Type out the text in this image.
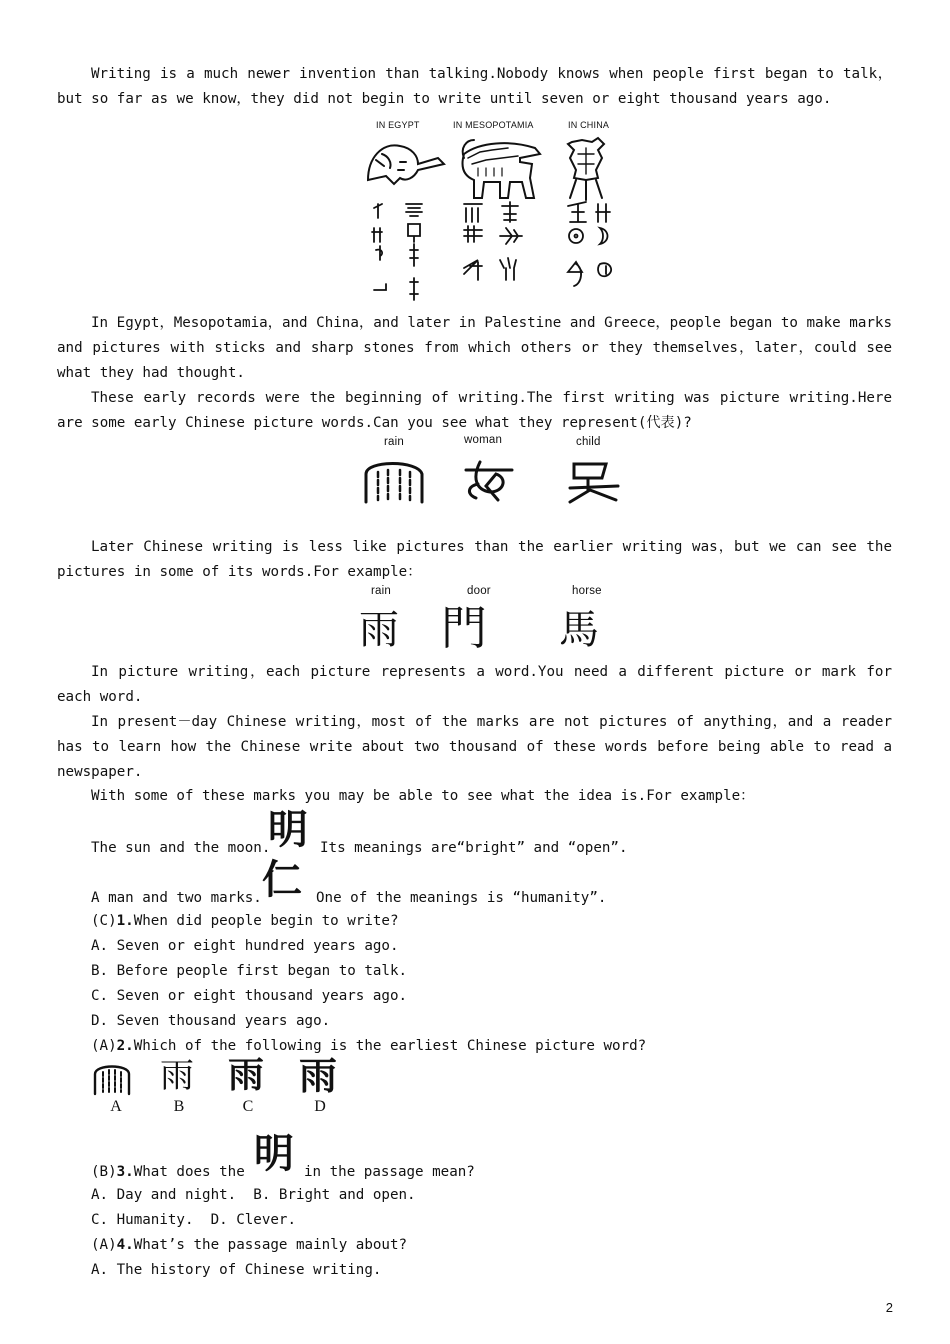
Writing is a much newer invention than talking.Nobody knows when people first began to talk，but so far as we know，they did not begin to write until seven or eight thousand years ago.

IN EGYPT	IN MESOPOTAMIA	IN CHINA

In Egypt，Mesopotamia，and China，and later in Palestine and Greece，people began to make marks and pictures with sticks and sharp stones from which others or they themselves，later，could see what they had thought.

These early records were the beginning of writing.The first writing was picture writing.Here are some early Chinese picture words.Can you see what they represent(代表)?

rain	woman	child

Later Chinese writing is less like pictures than the earlier writing was，but we can see the pictures in some of its words.For example：

rain	door	horse
雨 門 馬

In picture writing，each picture represents a word.You need a different picture or mark for each word.

In present－day Chinese writing，most of the marks are not pictures of anything，and a reader has to learn how the Chinese write about two thousand of these words before being able to read a newspaper.

With some of these marks you may be able to see what the idea is.For example：

The sun and the moon.
明 Its meanings are“bright” and “open”.
A man and two marks. 仁 One of the meanings is “humanity”.
(C)1.When did people begin to write?
A. Seven or eight hundred years ago.
B. Before people first began to talk.
C. Seven or eight thousand years ago.
D. Seven thousand years ago.
(A)2.Which of the following is the earliest Chinese picture word?
雨 雨 雨
A	B	C	D
(B)3.What does the 明 in the passage mean?
A. Day and night.  B. Bright and open.
C. Humanity.  D. Clever.
(A)4.What’s the passage mainly about?
A. The history of Chinese writing.
2
